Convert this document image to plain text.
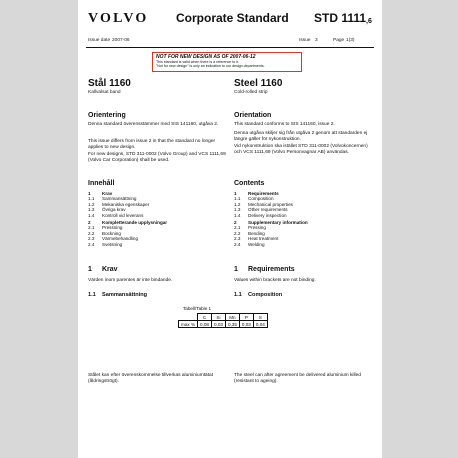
VOLVO Corporate Standard STD $1111_{,6}$
Issue date 2007-06	Issue 3	Page 1(3)
NOT FOR NEW DESIGN AS OF 2007-06-12
This standard is valid when there is a reference to it.
"Not for new design" is only an indication to our design departments.
Stål 1160
Kallvalsat band
Orientering
Denna standard överensstämmer med SIS 141160, utgåva 2.
This issue differs from issue 2 in that the standard no longer applies to new design.
For new designs, STD 311-0002 (Volvo Group) and VCS 1111,69 (Volvo Car Corporation) shall be used.
Innehåll
1 Krav
1.1 Sammansättning
1.2 Mekaniska egenskaper
1.3 Övriga krav
1.4 Kontroll vid leverans
2 Kompletterande upplysningar
2.1 Pressning
2.2 Bockning
2.3 Värmebehandling
2.4 Svetsning
1 Krav
Värden inom parentes är inte bindande.
1.1 Sammansättning
Stålet kan efter överenskommelse tillverkas aluminiumtätat (åldringströgt).
Steel 1160
Cold-rolled strip
Orientation
This standard conforms to SIS 141160, issue 2.
Denna utgåva skiljer sig från utgåva 2 genom att standarden ej längre gäller för nykonstruktion.
Vid nykonstruktion ska istället STD 311-0002 (Volvokoncernen) och VCS 1111,69 (Volvo Personvagnar AB) användas.
Contents
1 Requirements
1.1 Composition
1.2 Mechanical properties
1.3 Other requirements
1.4 Delivery inspection
2 Supplementary information
2.1 Pressing
2.2 Bending
2.3 Heat treatment
2.4 Welding
1 Requirements
Values within brackets are not binding.
1.1 Composition
The steel can after agreement be delivered aluminium killed (resistant to ageing).
Tabell/Table 1
	C	Si	Mn	P	S
max %	0,08	0,03	0,35	0,03	0,04
